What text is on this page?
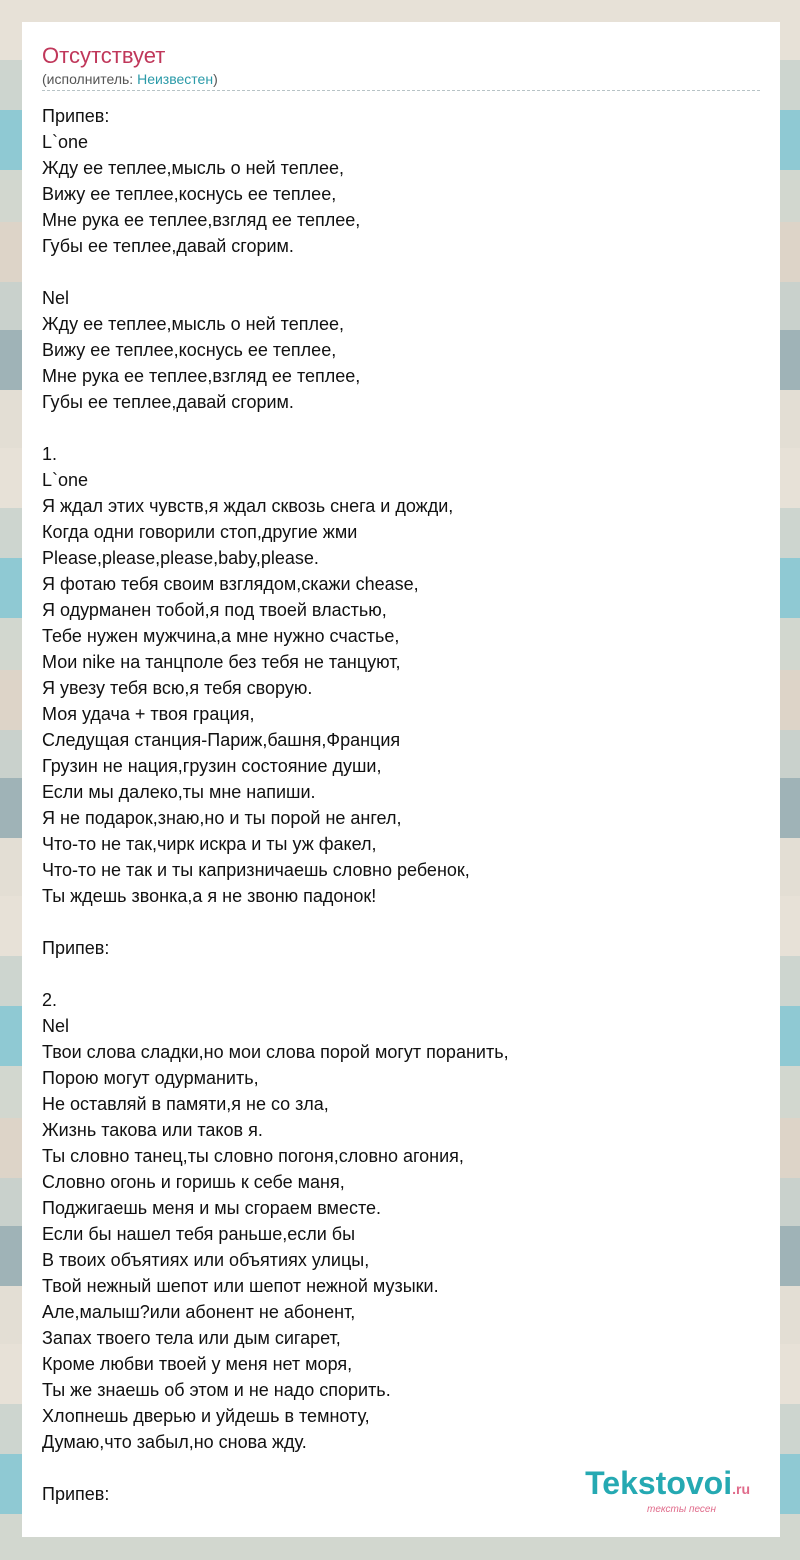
Отсутствует
(исполнитель: Неизвестен)
Припев:
L`one
Жду ее теплее,мысль о ней теплее,
Вижу ее теплее,коснусь ее теплее,
Мне рука ее теплее,взгляд ее теплее,
Губы ее теплее,давай сгорим.

Nel
Жду ее теплее,мысль о ней теплее,
Вижу ее теплее,коснусь ее теплее,
Мне рука ее теплее,взгляд ее теплее,
Губы ее теплее,давай сгорим.

1.
L`one
Я ждал этих чувств,я ждал сквозь снега и дожди,
Когда одни говорили стоп,другие жми
Please,please,please,baby,please.
Я фотаю тебя своим взглядом,скажи chease,
Я одурманен тобой,я под твоей властью,
Тебе нужен мужчина,а мне нужно счастье,
Мои nike на танцполе без тебя не танцуют,
Я увезу тебя всю,я тебя сворую.
Моя удача + твоя грация,
Следущая станция-Париж,башня,Франция
Грузин не нация,грузин состояние души,
Если мы далеко,ты мне напиши.
Я не подарок,знаю,но и ты порой не ангел,
Что-то не так,чирк искра и ты уж факел,
Что-то не так и ты капризничаешь словно ребенок,
Ты ждешь звонка,а я не звоню падонок!

Припев:

2.
Nel
Твои слова сладки,но мои слова порой могут поранить,
Порою могут одурманить,
Не оставляй в памяти,я не со зла,
Жизнь такова или таков я.
Ты словно танец,ты словно погоня,словно агония,
Словно огонь и горишь к себе маня,
Поджигаешь меня и мы сгораем вместе.
Если бы нашел тебя раньше,если бы
В твоих объятиях или объятиях улицы,
Твой нежный шепот или шепот нежной музыки.
Але,малыш?или абонент не абонент,
Запах твоего тела или дым сигарет,
Кроме любви твоей у меня нет моря,
Ты же знаешь об этом и не надо спорить.
Хлопнешь дверью и уйдешь в темноту,
Думаю,что забыл,но снова жду.

Припев:	Tekstovoi.ru
тексты песен
